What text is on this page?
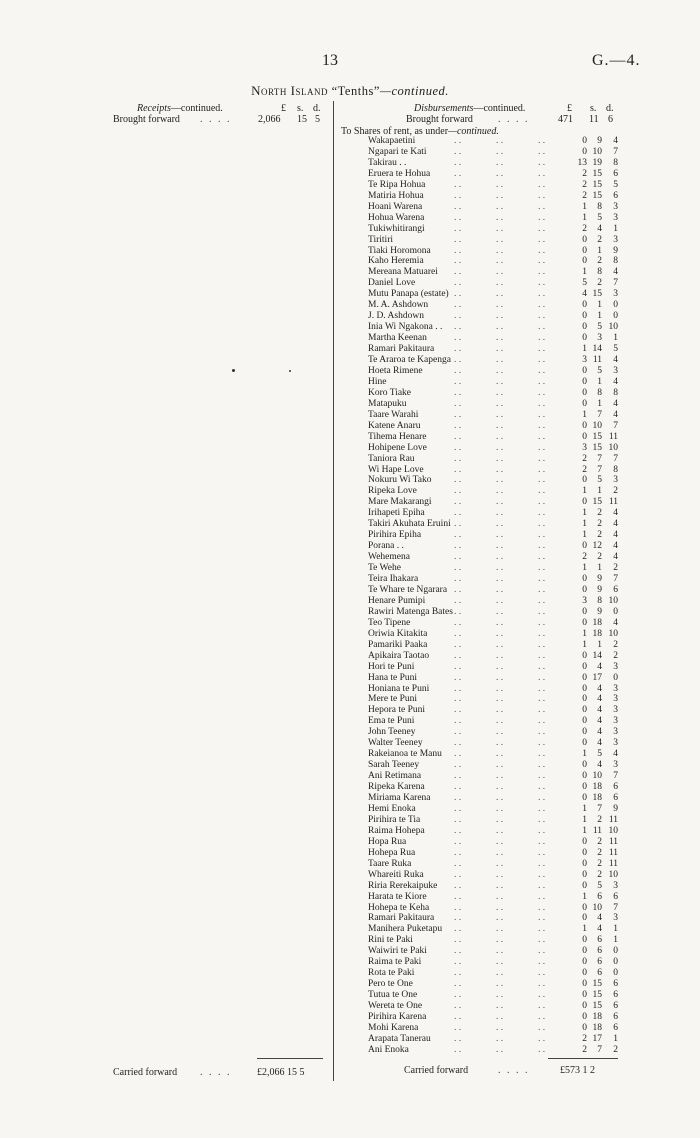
13	G.—4.
North Island “Tenths”—continued.
Receipts—continued.	£ s. d.
Brought forward . . . .	2,066 15 5
Disbursements—continued.	£ s. d.
Brought forward	. . . .	471 11 6
To Shares of rent, as under—continued.
Wakapaetini	. .	. .	. .	0	9	4
Ngapari te Kati	. .	. .	. .	0 10	7
Takirau . .	. .	. .	. .	13 19	8
Eruera te Hohua	. .	. .	. .	2 15	6
Te Ripa Hohua	. .	. .	. .	2 15	5
Matiria Hohua	. .	. .	. .	2 15	6
Hoani Warena	. .	. .	. .	1	8	3
Hohua Warena	. .	. .	. .	1	5	3
Tukiwhitirangi	. .	. .	. .	2	4	1
Tiritiri	. .	. .	. .	0	2	3
Tiaki Horomona . .	. .	. .	0	1	9
Kaho Heremia	. .	. .	. .	0	2	8
Mereana Matuarei . .	. .	. .	1	8	4
Daniel Love	. .	. .	. .	5	2	7
Mutu Panapa (estate) . .	. .	. .	4 15	3
M. A. Ashdown	. .	. .	. .	0	1	0
J. D. Ashdown	. .	. .	. .	0	1	0
Inia Wi Ngakona . . . .	. .	. .	0	5 10
Martha Keenan	. .	. .	. .	0	3	1
Ramari Pakitaura . .	. .	. .	1 14	5
Te Araroa te Kapenga . .	. .	. .	3 11	4
Hoeta Rimene	. .	. .	. .	0	5	3
Hine	. .	. .	. .	0	1	4
Koro Tiake	. .	. .	. .	0	8	8
Matapuku	. .	. .	. .	0	1	4
Taare Warahi	. .	. .	. .	1	7	4
Katene Anaru	. .	. .	. .	0 10	7
Tihema Henare	. .	. .	. .	0 15 11
Hohipene Love	. .	. .	. .	3 15 10
Taniora Rau	. .	. .	. .	2	7	7
Wi Hape Love	. .	. .	. .	2	7	8
Nokuru Wi Tako . .	. .	. .	0	5	3
Ripeka Love	. .	. .	. .	1	1	2
Mare Makarangi . .	. .	. .	0 15 11
Irihapeti Epiha	. .	. .	. .	1	2	4
Takiri Akuhata Eruini . .	. .	. .	1	2	4
Pirihira Epiha	. .	. .	. .	1	2	4
Porana . .	. .	. .	. .	0 12	4
Wehemena	. .	. .	. .	2	2	4
Te Wehe	. .	. .	. .	1	1	2
Teira Ihakara	. .	. .	. .	0	9	7
Te Whare te Ngarara . .	. .	. .	0	9	6
Henare Pumipi	. .	. .	. .	3	8 10
Rawiri Matenga Bates . .	. .	. .	0	9	0
Teo Tipene	. .	. .	. .	0 18	4
Oriwia Kitakita	. .	. .	. .	1 18 10
Pamariki Paaka	. .	. .	. .	1	1	2
Apikaira Taotao	. .	. .	. .	0 14	2
Hori te Puni	. .	. .	. .	0	4	3
Hana te Puni	. .	. .	. .	0 17	0
Honiana te Puni	. .	. .	. .	0	4	3
Mere te Puni	. .	. .	. .	0	4	3
Hepora te Puni	. .	. .	. .	0	4	3
Ema te Puni	. .	. .	. .	0	4	3
John Teeney	. .	. .	. .	0	4	3
Walter Teeney	. .	. .	. .	0	4	3
Rakeianoa te Manu . .	. .	. .	1	5	4
Sarah Teeney	. .	. .	. .	0	4	3
Ani Retimana	. .	. .	. .	0 10	7
Ripeka Karena	. .	. .	. .	0 18	6
Miriama Karena . .	. .	. .	0 18	6
Hemi Enoka	. .	. .	. .	1	7	9
Pirihira te Tia	. .	. .	. .	1	2 11
Raima Hohepa	. .	. .	. .	1 11 10
Hopa Rua	. .	. .	. .	0	2 11
Hohepa Rua	. .	. .	. .	0	2 11
Taare Ruka	. .	. .	. .	0	2 11
Whareiti Ruka	. .	. .	. .	0	2 10
Riria Rerekaipuke . .	. .	. .	0	5	3
Harata te Kiore	. .	. .	. .	1	6	6
Hohepa te Keha	. .	. .	. .	0 10	7
Ramari Pakitaura . .	. .	. .	0	4	3
Manihera Puketapu . .	. .	. .	1	4	1
Rini te Paki	. .	. .	. .	0	6	1
Waiwiri te Paki	. .	. .	. .	0	6	0
Raima te Paki	. .	. .	. .	0	6	0
Rota te Paki	. .	. .	. .	0	6	0
Pero te One	. .	. .	. .	0 15	6
Tutua te One	. .	. .	. .	0 15	6
Wereta te One	. .	. .	. .	0 15	6
Pirihira Karena	. .	. .	. .	0 18	6
Mohi Karena	. .	. .	. .	0 18	6
Arapata Tanerau . .	. .	. .	2 17	1
Ani Enoka	. .	. .	. .	2	7	2
Carried forward . . . .	£2,066 15 5	Carried forward	. . . .	£573 1 2
